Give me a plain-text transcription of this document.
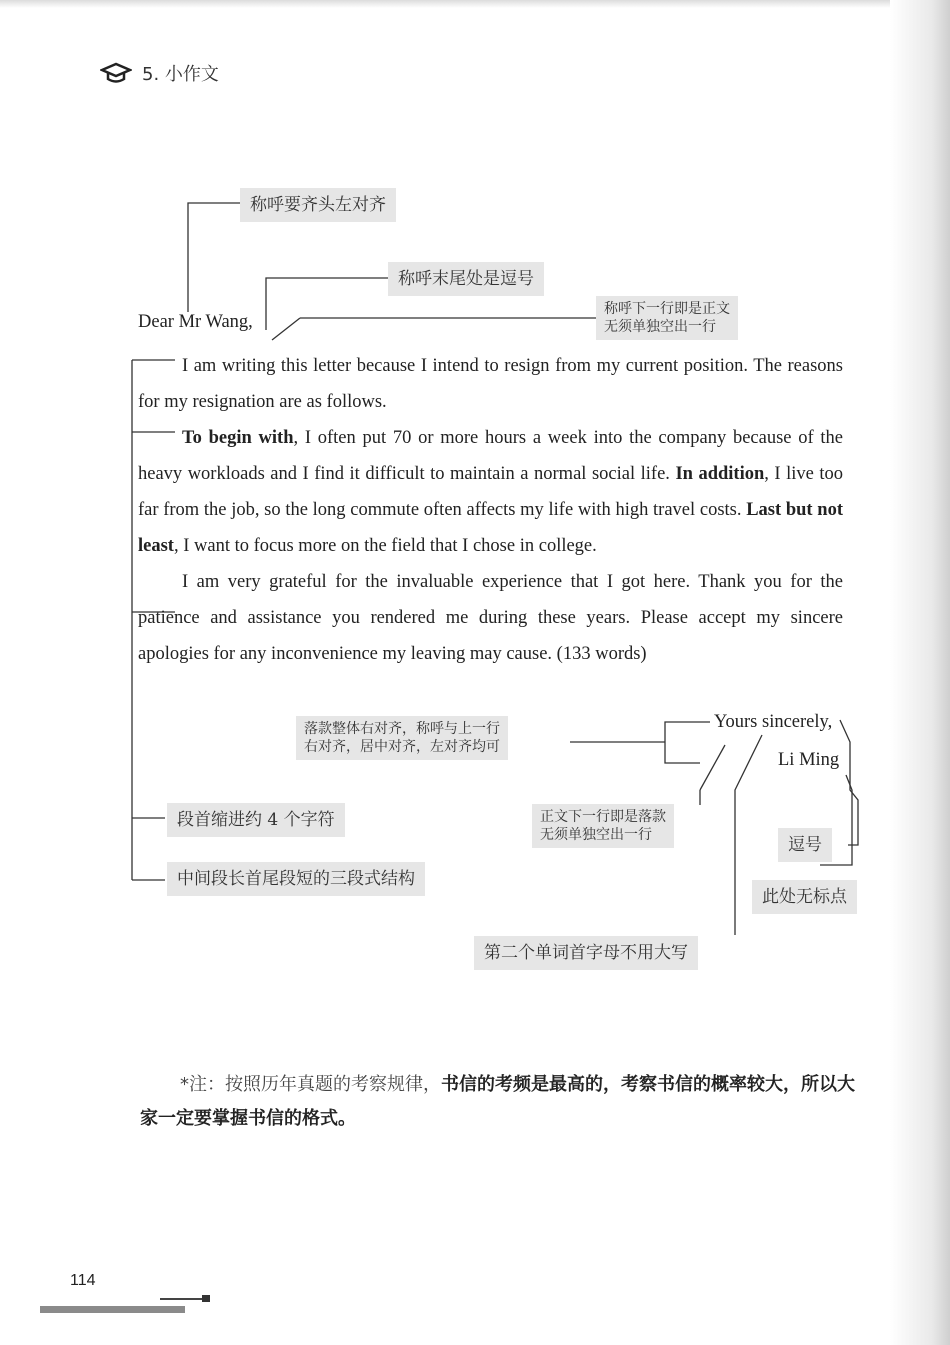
5. 小作文
称呼要齐头左对齐
称呼末尾处是逗号
称呼下一行即是正文
无须单独空出一行
Dear Mr Wang,

I am writing this letter because I intend to resign from my current position. The reasons for my resignation are as follows.

To begin with, I often put 70 or more hours a week into the company because of the heavy workloads and I find it difficult to maintain a normal social life. In addition, I live too far from the job, so the long commute often affects my life with high travel costs. Last but not least, I want to focus more on the field that I chose in college.

I am very grateful for the invaluable experience that I got here. Thank you for the patience and assistance you rendered me during these years. Please accept my sincere apologies for any inconvenience my leaving may cause. (133 words)

落款整体右对齐，称呼与上一行
右对齐，居中对齐，左对齐均可
Yours sincerely,
Li Ming
段首缩进约 4 个字符	正文下一行即是落款
无须单独空出一行	逗号
中间段长首尾段短的三段式结构
此处无标点
第二个单词首字母不用大写
*注：按照历年真题的考察规律，书信的考频是最高的，考察书信的概率较大，所以大家一定要掌握书信的格式。
114
